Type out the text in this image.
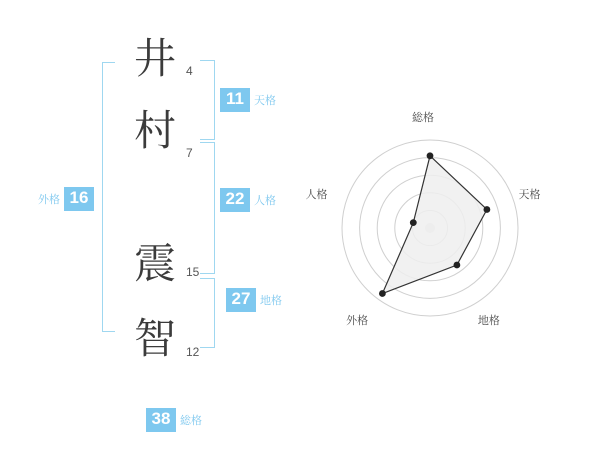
井 4
村 7
震 15
智 12
11 天格
22 人格
27 地格
外格 16
38 総格
総格
天格
地格
外格
人格
